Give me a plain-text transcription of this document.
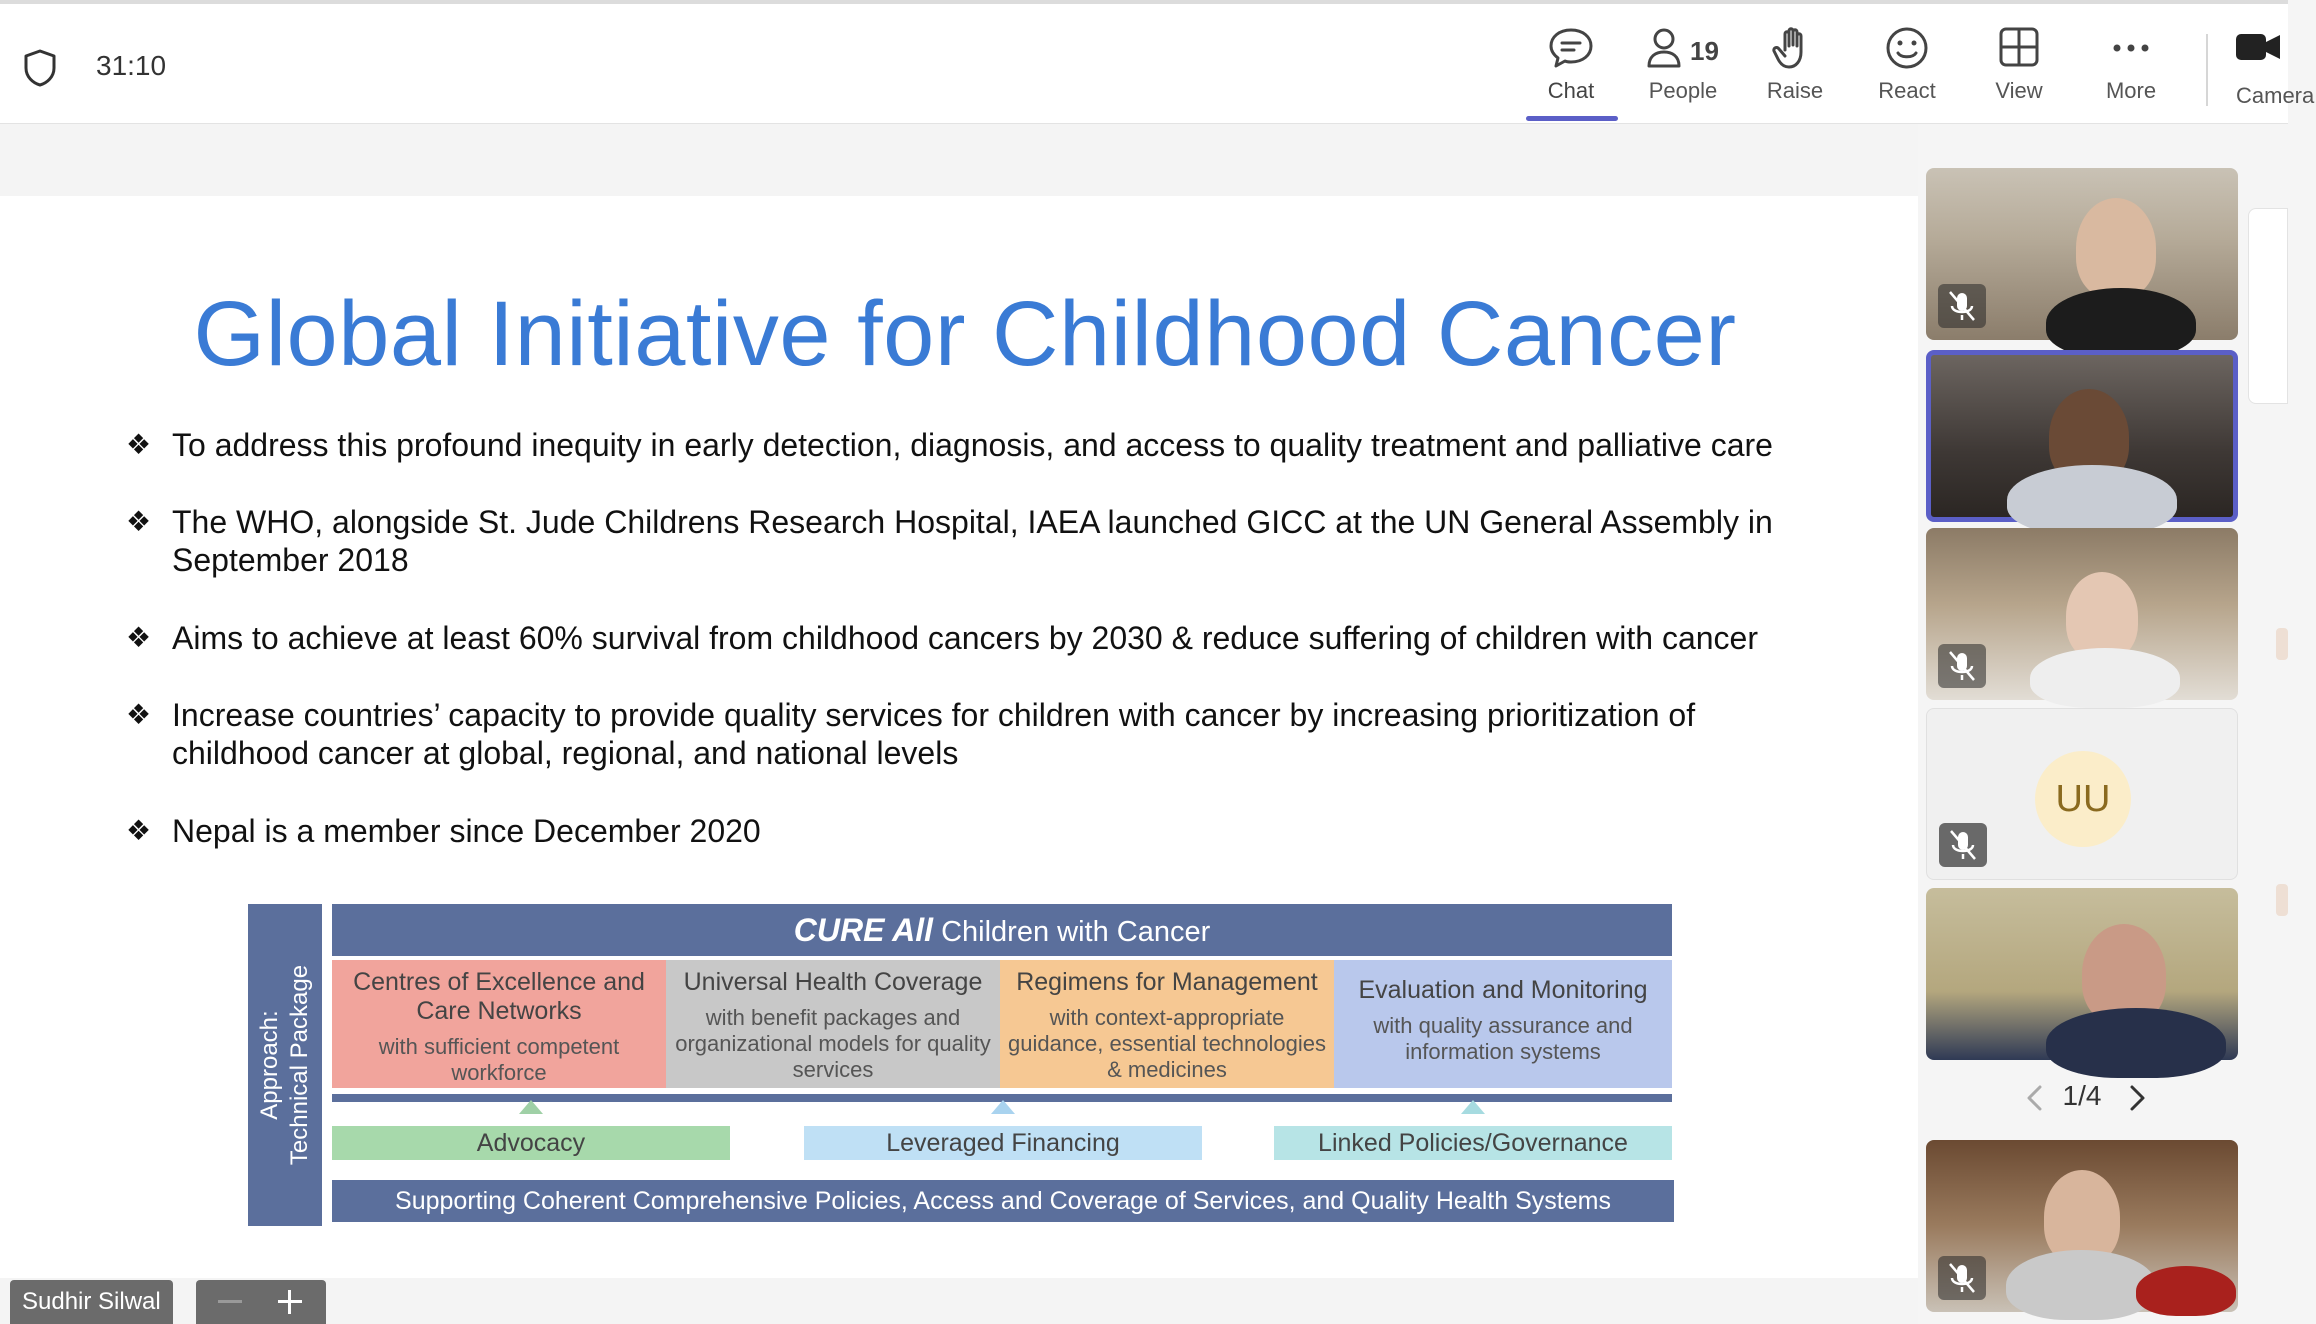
31:10
Chat	People
19
Raise	React	View	More	Camera
Global Initiative for Childhood Cancer
❖ To address this profound inequity in early detection, diagnosis, and access to quality treatment and palliative care
❖ The WHO, alongside St. Jude Childrens Research Hospital, IAEA launched GICC at the UN General Assembly in September 2018
❖ Aims to achieve at least 60% survival from childhood cancers by 2030 & reduce suffering of children with cancer
❖ Increase countries’ capacity to provide quality services for children with cancer by increasing prioritization of childhood cancer at global, regional, and national levels
❖ Nepal is a member since December 2020
Approach: Technical Package
CURE All Children with Cancer
Centres of Excellence and Care Networks
with sufficient competent workforce
Universal Health Coverage
with benefit packages and organizational models for quality services
Regimens for Management
with context-appropriate guidance, essential technologies & medicines
Evaluation and Monitoring
with quality assurance and information systems
Advocacy	Leveraged Financing	Linked Policies/Governance
Supporting Coherent Comprehensive Policies, Access and Coverage of Services, and Quality Health Systems
Sudhir Silwal
UU
1/4
